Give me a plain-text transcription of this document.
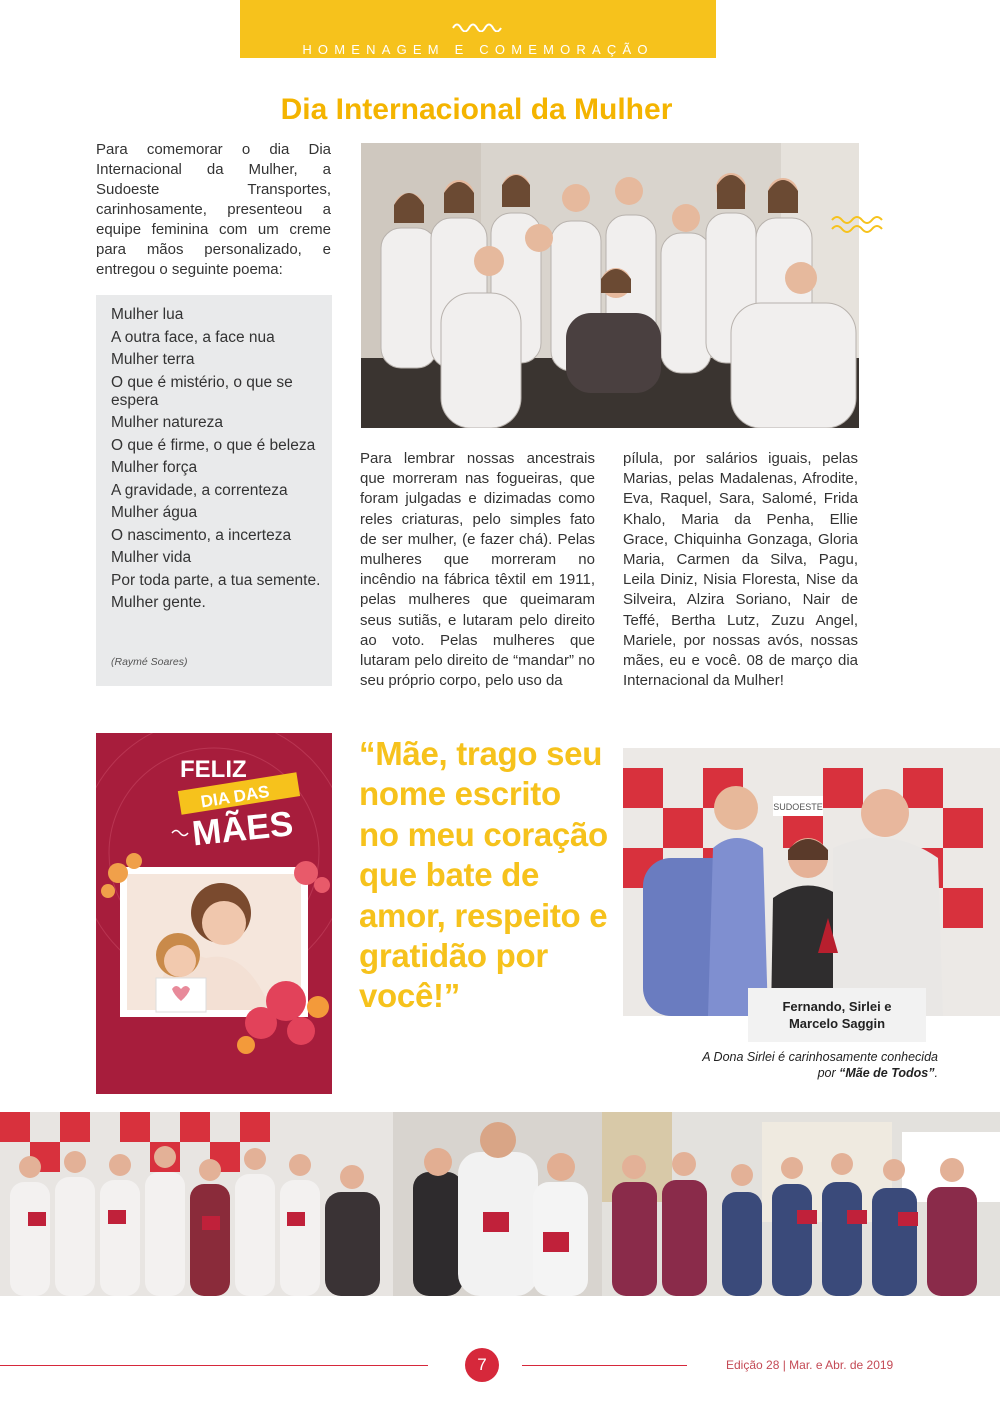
HOMENAGEM E COMEMORAÇÃO
Dia Internacional da Mulher

Para comemorar o dia Dia Internacional da Mulher, a Sudoeste Transportes, carinhosamente, presenteou a equipe feminina com um creme para mãos personalizado, e entregou o seguinte poema:

Mulher lua

A outra face, a face nua

Mulher terra

O que é mistério, o que se espera

Mulher natureza

O que é firme, o que é beleza

Mulher força

A gravidade, a correnteza

Mulher água

O nascimento, a incerteza

Mulher vida

Por toda parte, a tua semente.

Mulher gente.

(Raymé Soares)

Para lembrar nossas ancestrais que morreram nas fogueiras, que foram julgadas e dizimadas como reles criaturas, pelo simples fato de ser mulher, (e fazer chá). Pelas mulheres que morreram no incêndio na fábrica têxtil em 1911, pelas mulheres que queimaram seus sutiãs, e lutaram pelo direito ao voto. Pelas mulheres que lutaram pelo direito de “mandar” no seu próprio corpo, pelo uso da

pílula, por salários iguais, pelas Marias, pelas Madalenas, Afrodite, Eva, Raquel, Sara, Salomé, Frida Khalo, Maria da Penha, Ellie Grace, Chiquinha Gonzaga, Gloria Maria, Carmen da Silva, Pagu, Leila Diniz, Nisia Floresta, Nise da Silveira, Alzira Soriano, Nair de Teffé, Bertha Lutz, Zuzu Angel, Mariele, por nossas avós, nossas mães, eu e você. 08 de março dia Internacional da Mulher!

FELIZ
DIA DAS
MÃES

“Mãe, trago seu nome escrito no meu coração que bate de amor, respeito e gratidão por você!”

SUDOESTE
Fernando, Sirlei e
Marcelo Saggin
A Dona Sirlei é carinhosamente conhecida por “Mãe de Todos”.
7	Edição 28 | Mar. e Abr. de 2019
